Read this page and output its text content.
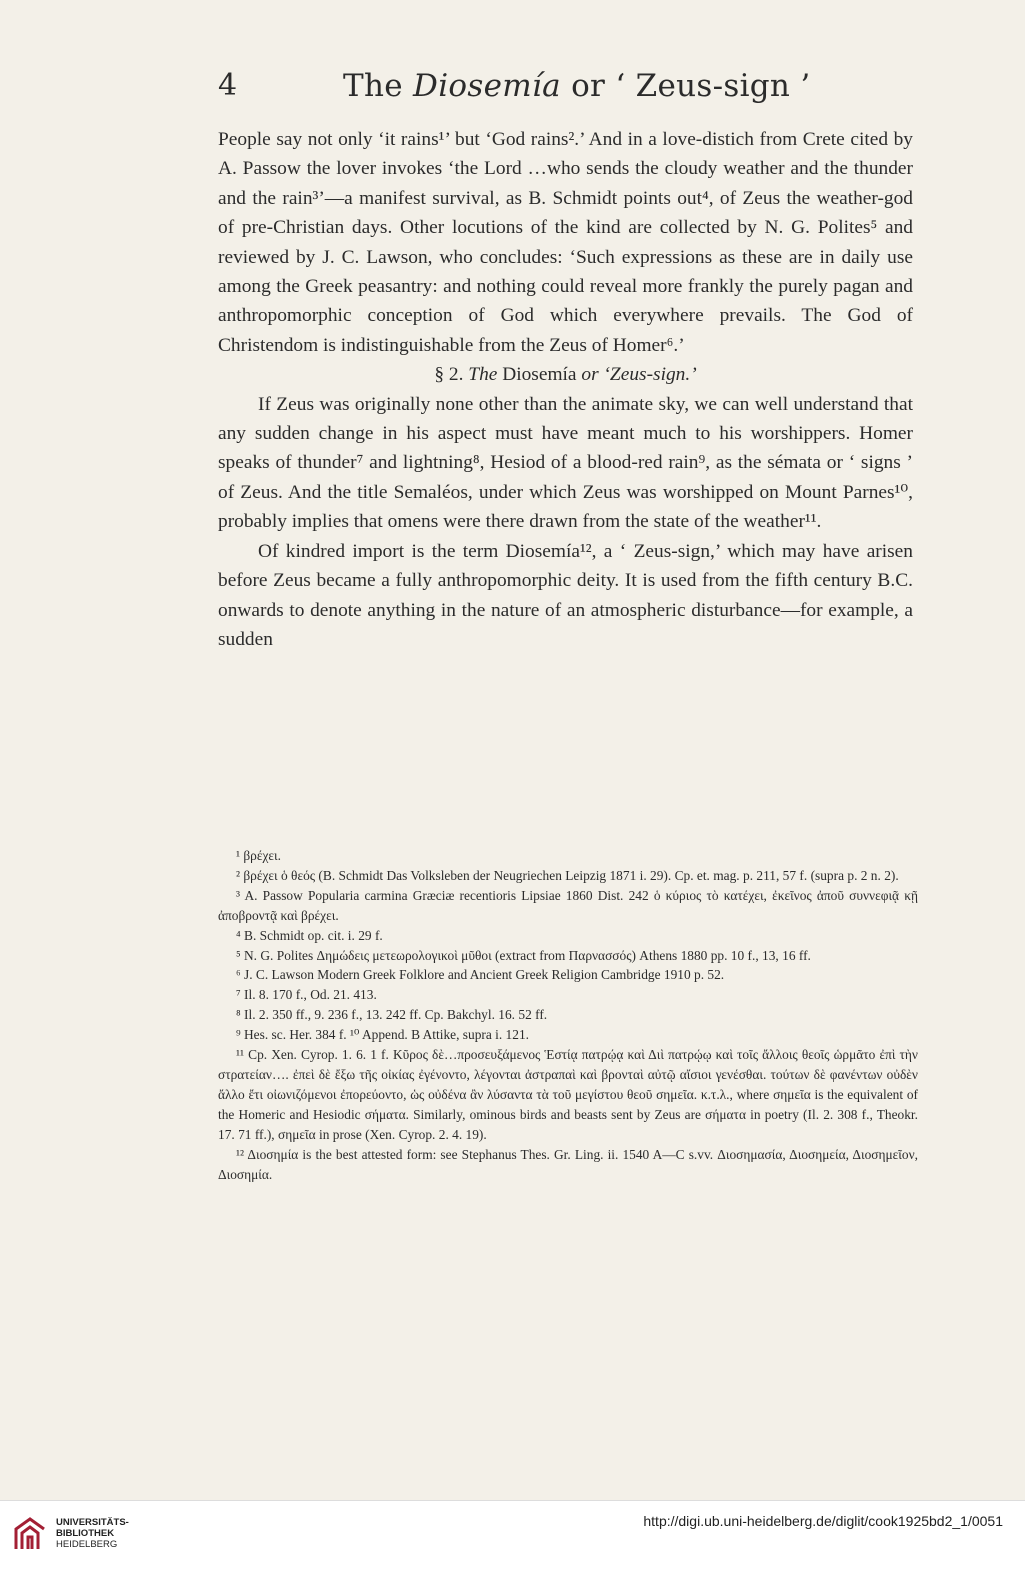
4	The Diosemía or ‘ Zeus-sign ’

People say not only ‘it rains¹’ but ‘God rains².’ And in a love-distich from Crete cited by A. Passow the lover invokes ‘the Lord …who sends the cloudy weather and the thunder and the rain³’—a manifest survival, as B. Schmidt points out⁴, of Zeus the weather-god of pre-Christian days. Other locutions of the kind are collected by N. G. Polites⁵ and reviewed by J. C. Lawson, who concludes: ‘Such expressions as these are in daily use among the Greek peasantry: and nothing could reveal more frankly the purely pagan and anthropomorphic conception of God which everywhere prevails. The God of Christendom is indistinguishable from the Zeus of Homer⁶.’

§ 2. The Diosemía or ‘Zeus-sign.’

If Zeus was originally none other than the animate sky, we can well understand that any sudden change in his aspect must have meant much to his worshippers. Homer speaks of thunder⁷ and lightning⁸, Hesiod of a blood-red rain⁹, as the sémata or ‘ signs ’ of Zeus. And the title Semaléos, under which Zeus was worshipped on Mount Parnes¹⁰, probably implies that omens were there drawn from the state of the weather¹¹.

Of kindred import is the term Diosemía¹², a ‘ Zeus-sign,’ which may have arisen before Zeus became a fully anthropomorphic deity. It is used from the fifth century B.C. onwards to denote anything in the nature of an atmospheric disturbance—for example, a sudden

¹ βρέχει.

² βρέχει ὁ θεός (B. Schmidt Das Volksleben der Neugriechen Leipzig 1871 i. 29). Cp. et. mag. p. 211, 57 f. (supra p. 2 n. 2).

³ A. Passow Popularia carmina Græciæ recentioris Lipsiae 1860 Dist. 242 ὁ κύριος τὸ κατέχει, ἐκεῖνος ἀποῦ συννεφιᾷ κῇ ἀποβροντᾷ καὶ βρέχει.

⁴ B. Schmidt op. cit. i. 29 f.

⁵ N. G. Polites Δημώδεις μετεωρολογικοὶ μῦθοι (extract from Παρνασσός) Athens 1880 pp. 10 f., 13, 16 ff.

⁶ J. C. Lawson Modern Greek Folklore and Ancient Greek Religion Cambridge 1910 p. 52.

⁷ Il. 8. 170 f., Od. 21. 413.

⁸ Il. 2. 350 ff., 9. 236 f., 13. 242 ff. Cp. Bakchyl. 16. 52 ff.

⁹ Hes. sc. Her. 384 f. ¹⁰ Append. B Attike, supra i. 121.

¹¹ Cp. Xen. Cyrop. 1. 6. 1 f. Κῦρος δὲ…προσευξάμενος Ἑστίᾳ πατρῴᾳ καὶ Διὶ πατρῴῳ καὶ τοῖς ἄλλοις θεοῖς ὡρμᾶτο ἐπὶ τὴν στρατείαν…. ἐπεὶ δὲ ἔξω τῆς οἰκίας ἐγένοντο, λέγονται ἀστραπαὶ καὶ βρονταὶ αὐτῷ αἴσιοι γενέσθαι. τούτων δὲ φανέντων οὐδὲν ἄλλο ἔτι οἰωνιζόμενοι ἐπορεύοντο, ὡς οὐδένα ἂν λύσαντα τὰ τοῦ μεγίστου θεοῦ σημεῖα. κ.τ.λ., where σημεῖα is the equivalent of the Homeric and Hesiodic σήματα. Similarly, ominous birds and beasts sent by Zeus are σήματα in poetry (Il. 2. 308 f., Theokr. 17. 71 ff.), σημεῖα in prose (Xen. Cyrop. 2. 4. 19).

¹² Διοσημία is the best attested form: see Stephanus Thes. Gr. Ling. ii. 1540 A—C s.vv. Διοσημασία, Διοσημεία, Διοσημεῖον, Διοσημία.

UNIVERSITÄTS-
BIBLIOTHEK
HEIDELBERG
http://digi.ub.uni-heidelberg.de/diglit/cook1925bd2_1/0051
